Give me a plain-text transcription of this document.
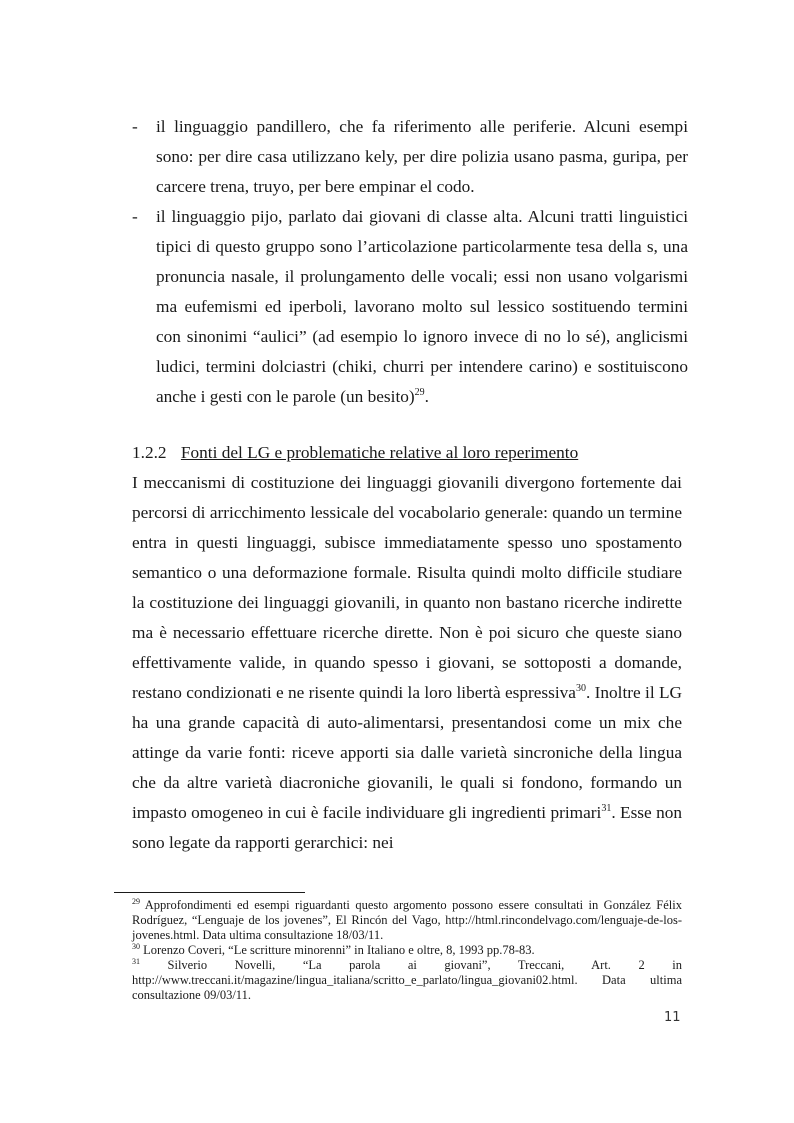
- il linguaggio pandillero, che fa riferimento alle periferie. Alcuni esempi sono: per dire casa utilizzano kely, per dire polizia usano pasma, guripa, per carcere trena, truyo, per bere empinar el codo.

- il linguaggio pijo, parlato dai giovani di classe alta. Alcuni tratti linguistici tipici di questo gruppo sono l’articolazione particolarmente tesa della s, una pronuncia nasale, il prolungamento delle vocali; essi non usano volgarismi ma eufemismi ed iperboli, lavorano molto sul lessico sostituendo termini con sinonimi “aulici” (ad esempio lo ignoro invece di no lo sé), anglicismi ludici, termini dolciastri (chiki, churri per intendere carino) e sostituiscono anche i gesti con le parole (un besito)$^{29}$.

1.2.2 Fonti del LG e problematiche relative al loro reperimento

I meccanismi di costituzione dei linguaggi giovanili divergono fortemente dai percorsi di arricchimento lessicale del vocabolario generale: quando un termine entra in questi linguaggi, subisce immediatamente spesso uno spostamento semantico o una deformazione formale. Risulta quindi molto difficile studiare la costituzione dei linguaggi giovanili, in quanto non bastano ricerche indirette ma è necessario effettuare ricerche dirette. Non è poi sicuro che queste siano effettivamente valide, in quando spesso i giovani, se sottoposti a domande, restano condizionati e ne risente quindi la loro libertà espressiva$^{30}$. Inoltre il LG ha una grande capacità di auto-alimentarsi, presentandosi come un mix che attinge da varie fonti: riceve apporti sia dalle varietà sincroniche della lingua che da altre varietà diacroniche giovanili, le quali si fondono, formando un impasto omogeneo in cui è facile individuare gli ingredienti primari$^{31}$. Esse non sono legate da rapporti gerarchici: nei

$^{29}$ Approfondimenti ed esempi riguardanti questo argomento possono essere consultati in González Félix Rodríguez, “Lenguaje de los jovenes”, El Rincón del Vago, http://html.rincondelvago.com/lenguaje-de-los-jovenes.html. Data ultima consultazione 18/03/11.

$^{30}$ Lorenzo Coveri, “Le scritture minorenni” in Italiano e oltre, 8, 1993 pp.78-83.

$^{31}$ Silverio Novelli, “La parola ai giovani”, Treccani, Art. 2 in http://www.treccani.it/magazine/lingua_italiana/scritto_e_parlato/lingua_giovani02.html. Data ultima consultazione 09/03/11.

11
